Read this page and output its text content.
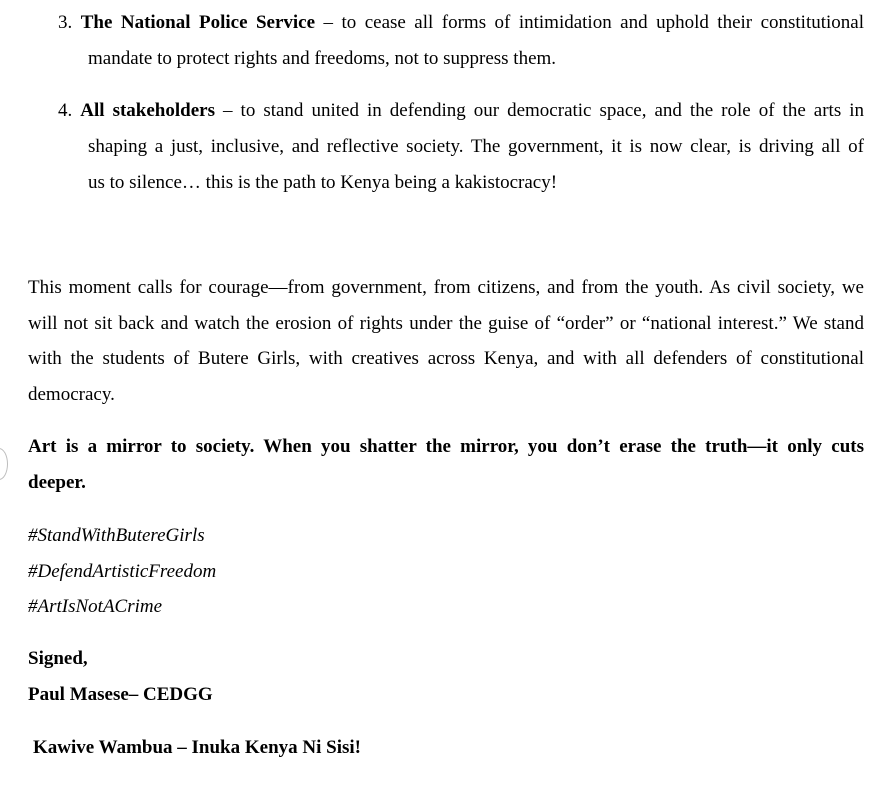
3. The National Police Service – to cease all forms of intimidation and uphold their constitutional
mandate to protect rights and freedoms, not to suppress them.
4. All stakeholders – to stand united in defending our democratic space, and the role of the arts in
shaping a just, inclusive, and reflective society. The government, it is now clear, is driving all of
us to silence… this is the path to Kenya being a kakistocracy!
This moment calls for courage—from government, from citizens, and from the youth. As civil society, we
will not sit back and watch the erosion of rights under the guise of “order” or “national interest.” We stand
with the students of Butere Girls, with creatives across Kenya, and with all defenders of constitutional
democracy.
Art is a mirror to society. When you shatter the mirror, you don’t erase the truth—it only cuts
deeper.
#StandWithButereGirls
#DefendArtisticFreedom
#ArtIsNotACrime
Signed,
Paul Masese– CEDGG
Kawive Wambua – Inuka Kenya Ni Sisi!
